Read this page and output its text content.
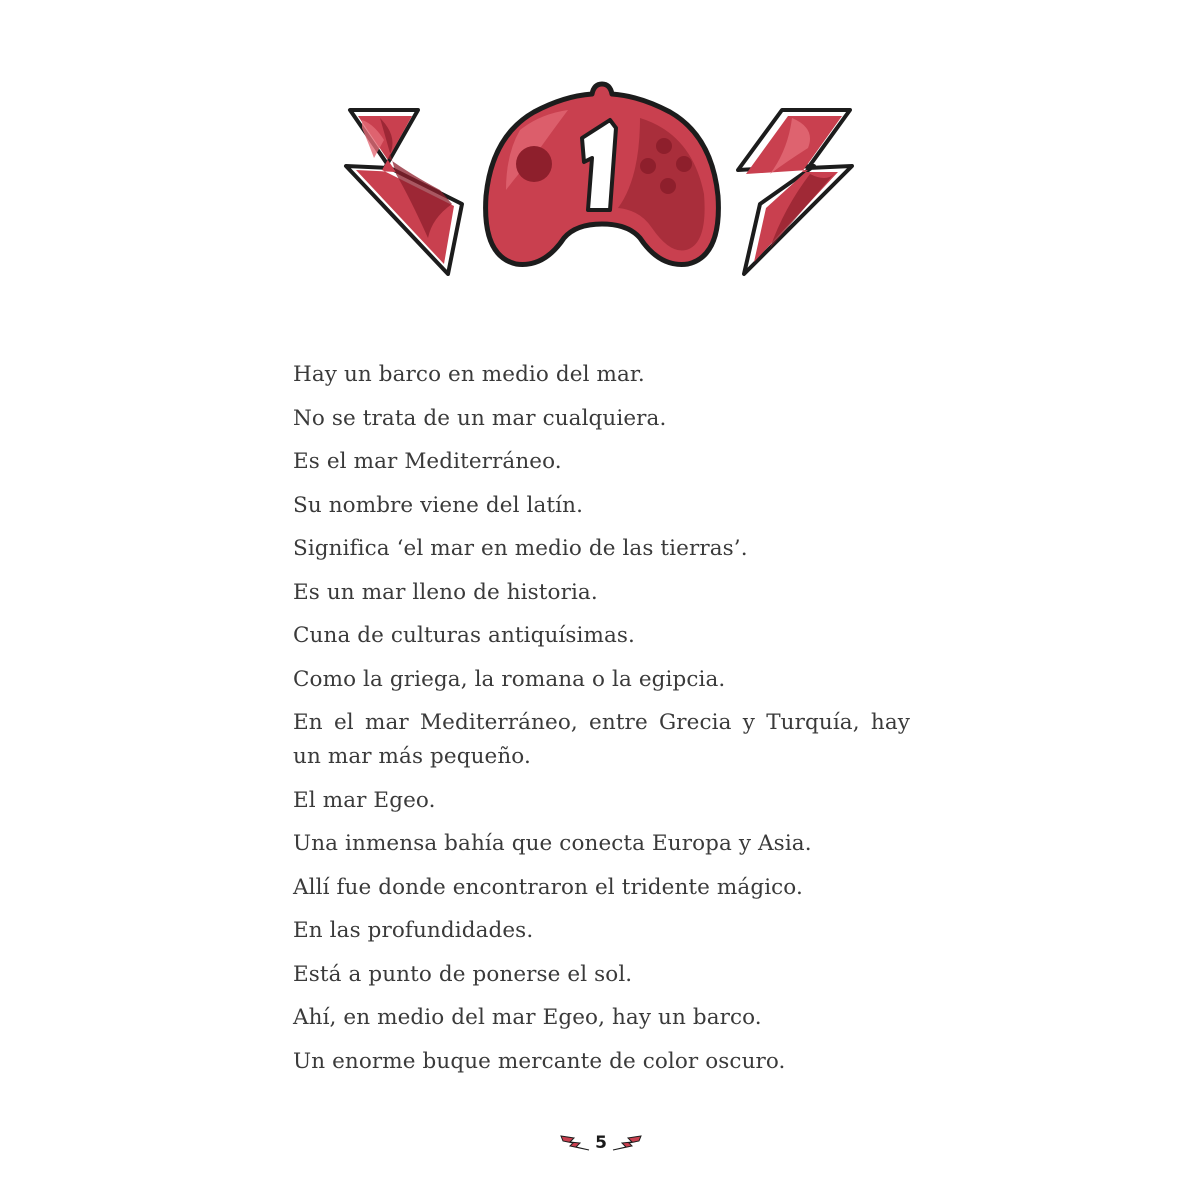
Hay un barco en medio del mar.

No se trata de un mar cualquiera.

Es el mar Mediterráneo.

Su nombre viene del latín.

Significa ‘el mar en medio de las tierras’.

Es un mar lleno de historia.

Cuna de culturas antiquísimas.

Como la griega, la romana o la egipcia.

En el mar Mediterráneo, entre Grecia y Turquía, hay un mar más pequeño.

El mar Egeo.

Una inmensa bahía que conecta Europa y Asia.

Allí fue donde encontraron el tridente mágico.

En las profundidades.

Está a punto de ponerse el sol.

Ahí, en medio del mar Egeo, hay un barco.

Un enorme buque mercante de color oscuro.

5
